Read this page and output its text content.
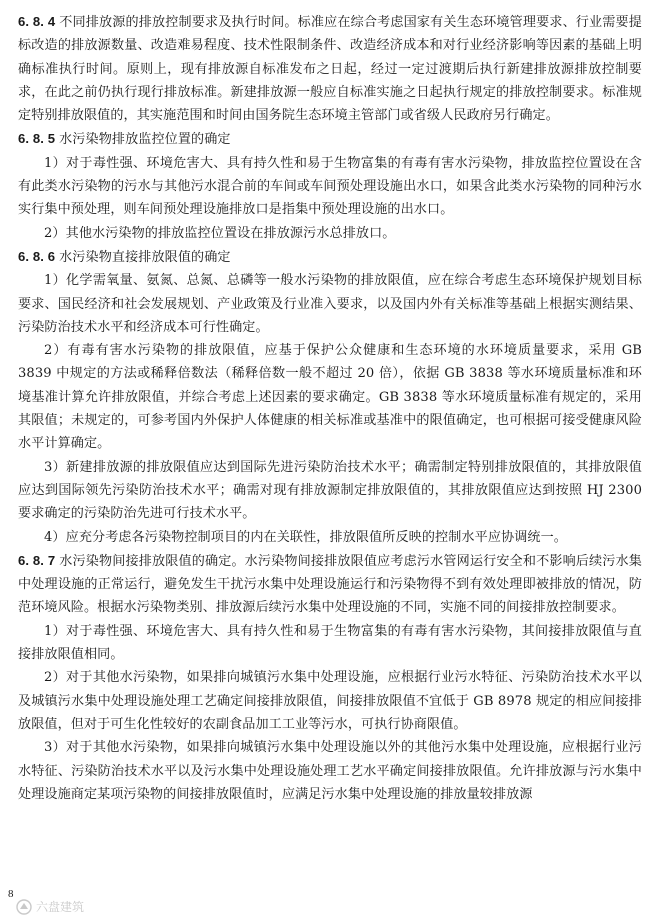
6. 8. 4 不同排放源的排放控制要求及执行时间。标准应在综合考虑国家有关生态环境管理要求、行业需要提标改造的排放源数量、改造难易程度、技术性限制条件、改造经济成本和对行业经济影响等因素的基础上明确标准执行时间。原则上，现有排放源自标准发布之日起，经过一定过渡期后执行新建排放源排放控制要求，在此之前仍执行现行排放标准。新建排放源一般应自标准实施之日起执行规定的排放控制要求。标准规定特别排放限值的，其实施范围和时间由国务院生态环境主管部门或省级人民政府另行确定。

6. 8. 5 水污染物排放监控位置的确定

1）对于毒性强、环境危害大、具有持久性和易于生物富集的有毒有害水污染物，排放监控位置设在含有此类水污染物的污水与其他污水混合前的车间或车间预处理设施出水口，如果含此类水污染物的同种污水实行集中预处理，则车间预处理设施排放口是指集中预处理设施的出水口。

2）其他水污染物的排放监控位置设在排放源污水总排放口。

6. 8. 6 水污染物直接排放限值的确定

1）化学需氧量、氨氮、总氮、总磷等一般水污染物的排放限值，应在综合考虑生态环境保护规划目标要求、国民经济和社会发展规划、产业政策及行业准入要求，以及国内外有关标准等基础上根据实测结果、污染防治技术水平和经济成本可行性确定。

2）有毒有害水污染物的排放限值，应基于保护公众健康和生态环境的水环境质量要求，采用 GB 3839 中规定的方法或稀释倍数法（稀释倍数一般不超过 20 倍），依据 GB 3838 等水环境质量标准和环境基准计算允许排放限值，并综合考虑上述因素的要求确定。GB 3838 等水环境质量标准有规定的，采用其限值；未规定的，可参考国内外保护人体健康的相关标准或基准中的限值确定，也可根据可接受健康风险水平计算确定。

3）新建排放源的排放限值应达到国际先进污染防治技术水平；确需制定特别排放限值的，其排放限值应达到国际领先污染防治技术水平；确需对现有排放源制定排放限值的，其排放限值应达到按照 HJ 2300 要求确定的污染防治先进可行技术水平。

4）应充分考虑各污染物控制项目的内在关联性，排放限值所反映的控制水平应协调统一。

6. 8. 7 水污染物间接排放限值的确定。水污染物间接排放限值应考虑污水管网运行安全和不影响后续污水集中处理设施的正常运行，避免发生干扰污水集中处理设施运行和污染物得不到有效处理即被排放的情况，防范环境风险。根据水污染物类别、排放源后续污水集中处理设施的不同，实施不同的间接排放控制要求。

1）对于毒性强、环境危害大、具有持久性和易于生物富集的有毒有害水污染物，其间接排放限值与直接排放限值相同。

2）对于其他水污染物，如果排向城镇污水集中处理设施，应根据行业污水特征、污染防治技术水平以及城镇污水集中处理设施处理工艺确定间接排放限值，间接排放限值不宜低于 GB 8978 规定的相应间接排放限值，但对于可生化性较好的农副食品加工工业等污水，可执行协商限值。

3）对于其他水污染物，如果排向城镇污水集中处理设施以外的其他污水集中处理设施，应根据行业污水特征、污染防治技术水平以及污水集中处理设施处理工艺水平确定间接排放限值。允许排放源与污水集中处理设施商定某项污染物的间接排放限值时，应满足污水集中处理设施的排放量较排放源

8
六盘建筑
